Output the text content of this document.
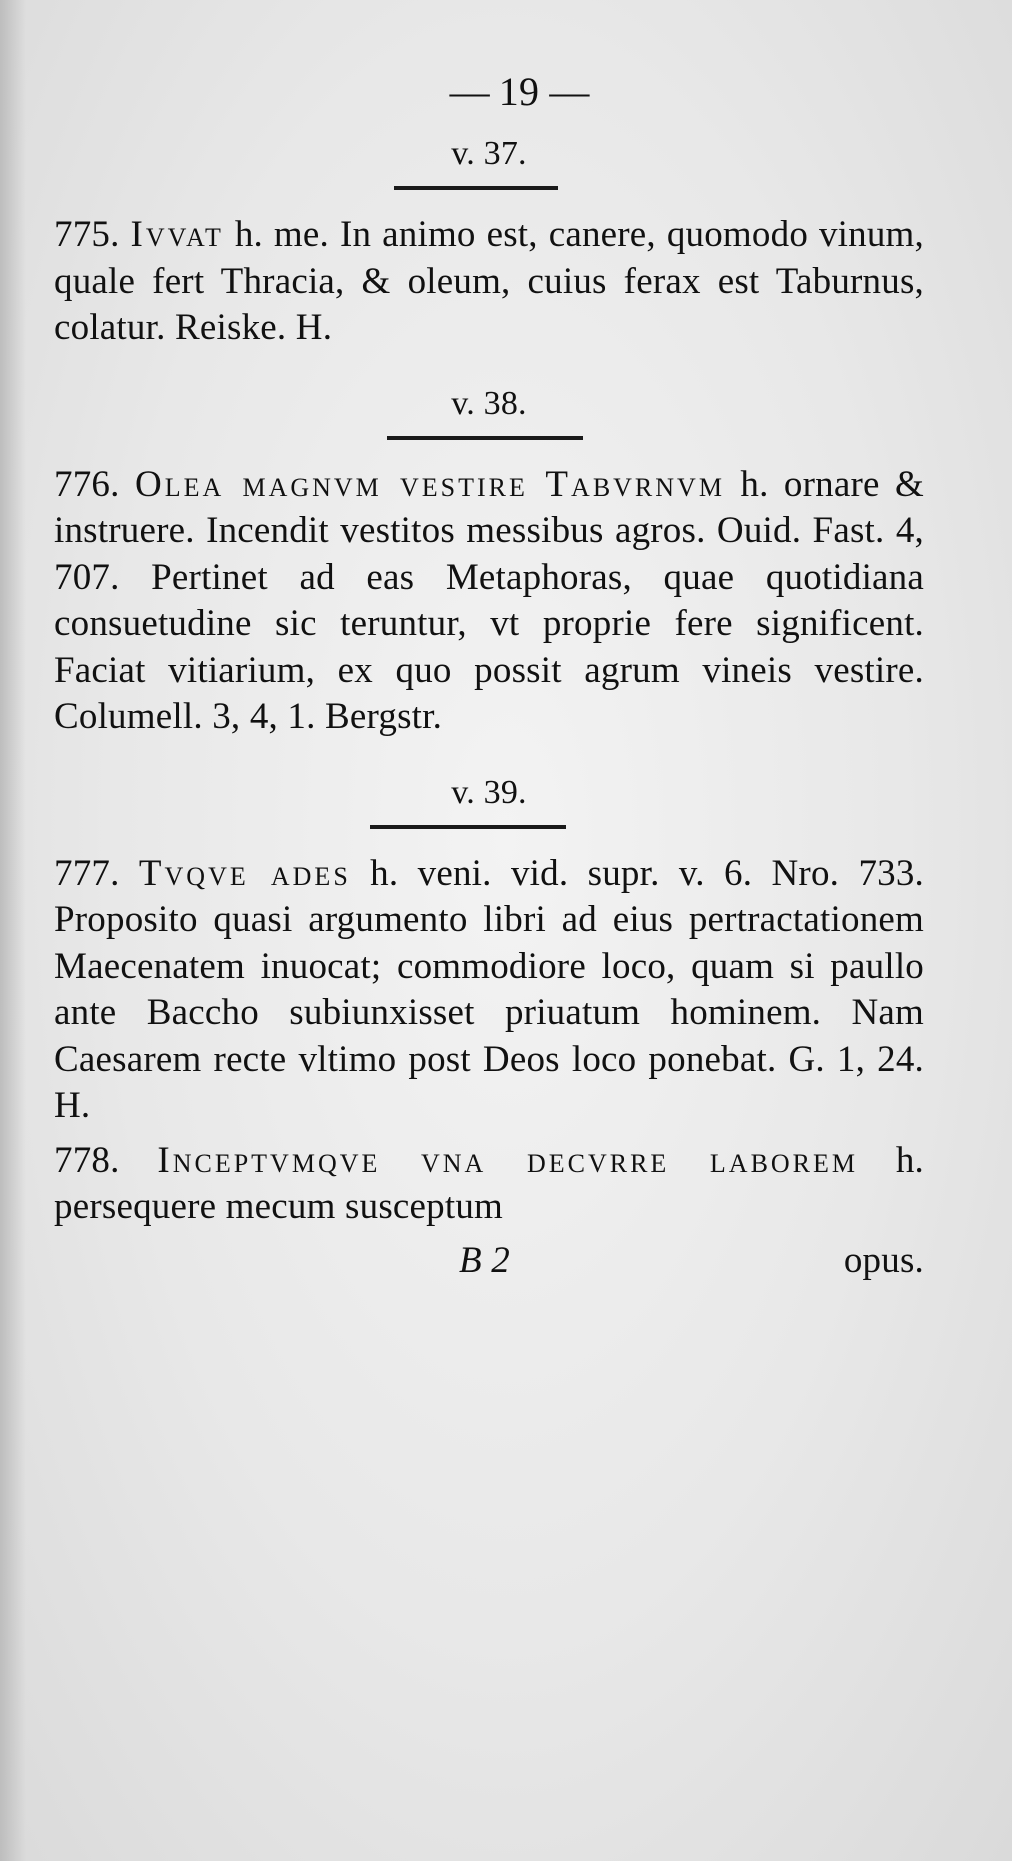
— 19 —
v. 37.

775. Ivvat h. me. In animo est, canere, quomodo vinum, quale fert Thracia, & oleum, cuius ferax est Taburnus, colatur. Reiske. H.

v. 38.

776. Olea magnvm vestire Tabvrnvm h. ornare & instruere. Incendit vestitos messibus agros. Ouid. Fast. 4, 707. Pertinet ad eas Metaphoras, quae quotidiana consuetudine sic teruntur, vt proprie fere significent. Faciat vitiarium, ex quo possit agrum vineis vestire. Columell. 3, 4, 1. Bergstr.

v. 39.

777. Tvqve ades h. veni. vid. supr. v. 6. Nro. 733. Proposito quasi argumento libri ad eius pertractationem Maecenatem inuocat; commodiore loco, quam si paullo ante Baccho subiunxisset priuatum hominem. Nam Caesarem recte vltimo post Deos loco ponebat. G. 1, 24. H.

778. Inceptvmqve vna decvrre laborem h. persequere mecum susceptum

B 2	opus.
